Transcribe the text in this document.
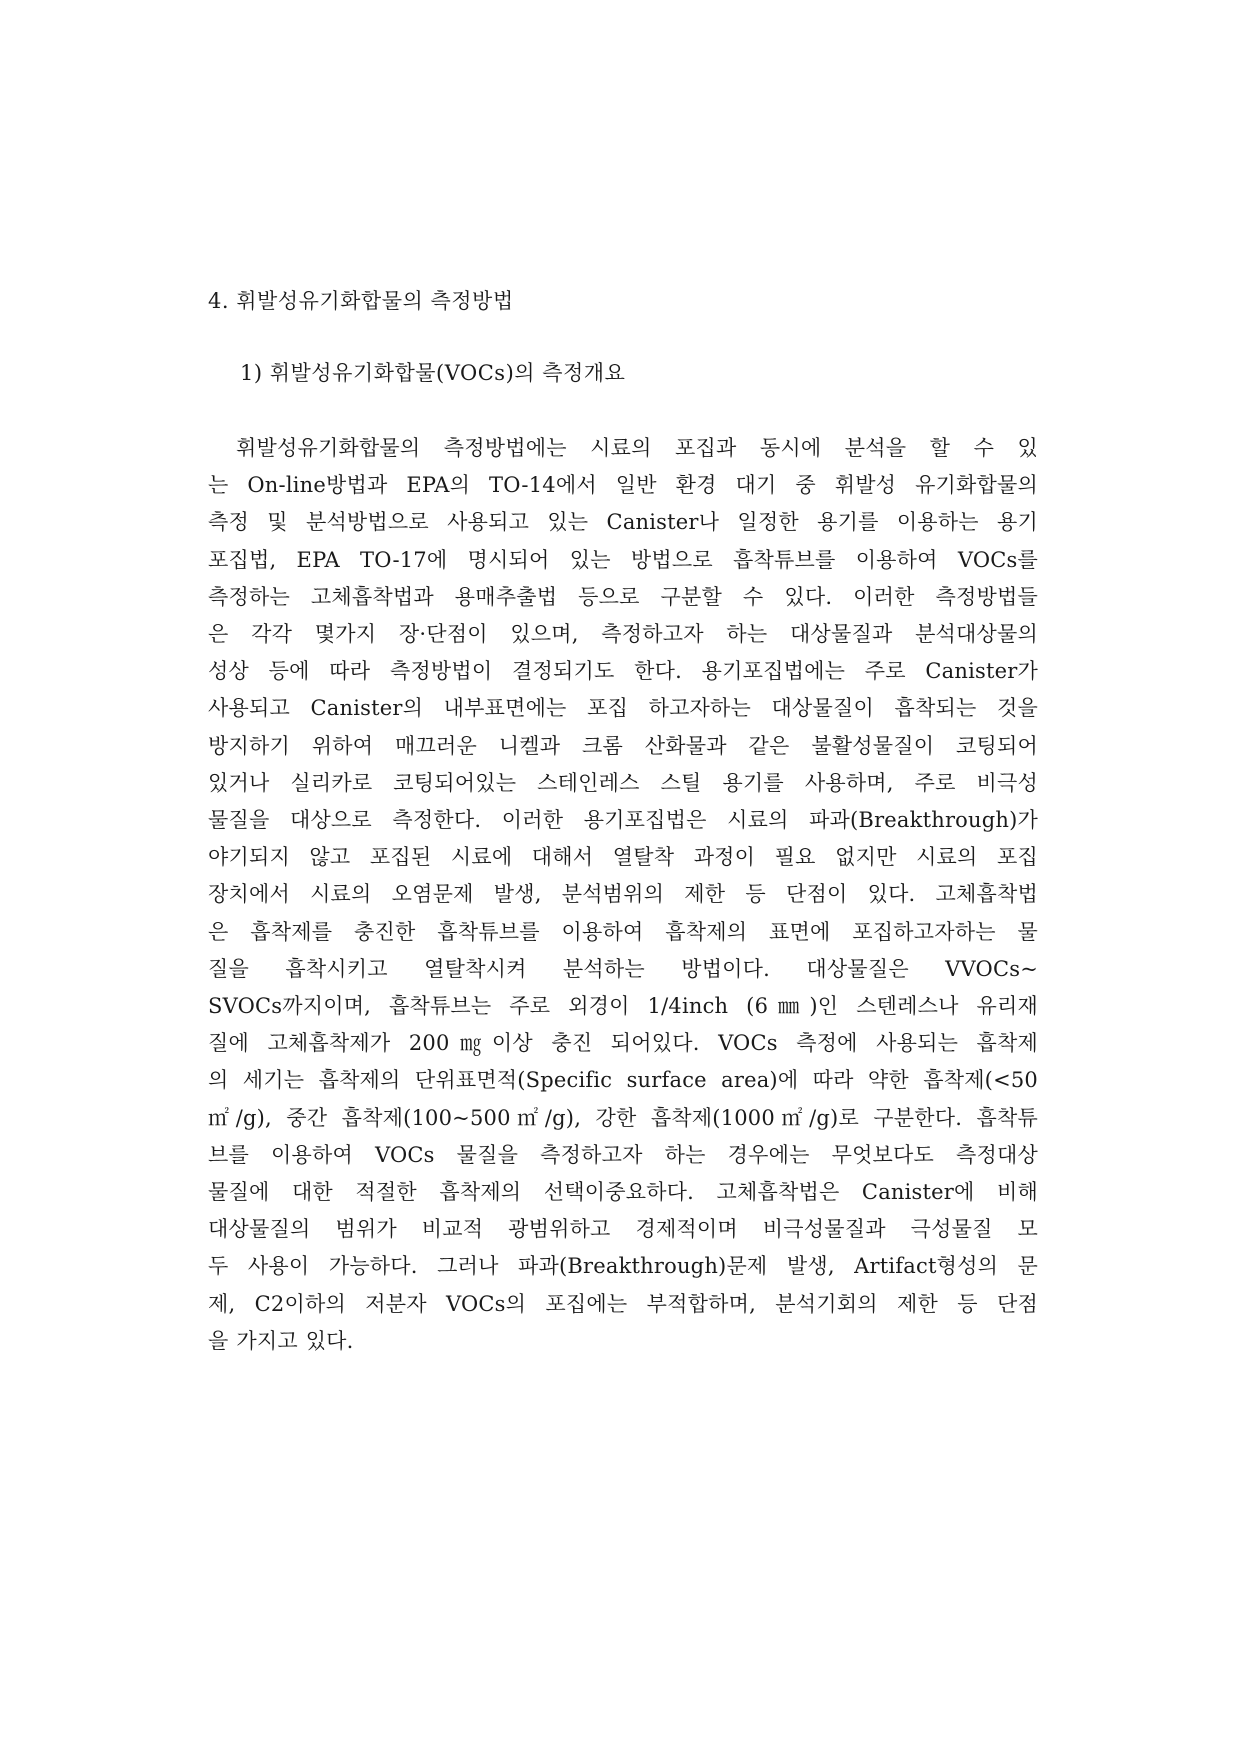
4. 휘발성유기화합물의 측정방법
1) 휘발성유기화합물(VOCs)의 측정개요
휘발성유기화합물의 측정방법에는 시료의 포집과 동시에 분석을 할 수 있
는 On-line방법과 EPA의 TO-14에서 일반 환경 대기 중 휘발성 유기화합물의
측정 및 분석방법으로 사용되고 있는 Canister나 일정한 용기를 이용하는 용기
포집법, EPA TO-17에 명시되어 있는 방법으로 흡착튜브를 이용하여 VOCs를
측정하는 고체흡착법과 용매추출법 등으로 구분할 수 있다. 이러한 측정방법들
은 각각 몇가지 장·단점이 있으며, 측정하고자 하는 대상물질과 분석대상물의
성상 등에 따라 측정방법이 결정되기도 한다. 용기포집법에는 주로 Canister가
사용되고 Canister의 내부표면에는 포집 하고자하는 대상물질이 흡착되는 것을
방지하기 위하여 매끄러운 니켈과 크롬 산화물과 같은 불활성물질이 코팅되어
있거나 실리카로 코팅되어있는 스테인레스 스틸 용기를 사용하며, 주로 비극성
물질을 대상으로 측정한다. 이러한 용기포집법은 시료의 파과(Breakthrough)가
야기되지 않고 포집된 시료에 대해서 열탈착 과정이 필요 없지만 시료의 포집
장치에서 시료의 오염문제 발생, 분석범위의 제한 등 단점이 있다. 고체흡착법
은 흡착제를 충진한 흡착튜브를 이용하여 흡착제의 표면에 포집하고자하는 물
질을 흡착시키고 열탈착시켜 분석하는 방법이다. 대상물질은 VVOCs~
SVOCs까지이며, 흡착튜브는 주로 외경이 1/4inch (6㎜)인 스텐레스나 유리재
질에 고체흡착제가 200㎎이상 충진 되어있다. VOCs 측정에 사용되는 흡착제
의 세기는 흡착제의 단위표면적(Specific surface area)에 따라 약한 흡착제(<50
㎡/g), 중간 흡착제(100~500㎡/g), 강한 흡착제(1000㎡/g)로 구분한다. 흡착튜
브를 이용하여 VOCs 물질을 측정하고자 하는 경우에는 무엇보다도 측정대상
물질에 대한 적절한 흡착제의 선택이중요하다. 고체흡착법은 Canister에 비해
대상물질의 범위가 비교적 광범위하고 경제적이며 비극성물질과 극성물질 모
두 사용이 가능하다. 그러나 파과(Breakthrough)문제 발생, Artifact형성의 문
제, C2이하의 저분자 VOCs의 포집에는 부적합하며, 분석기회의 제한 등 단점
을 가지고 있다.
